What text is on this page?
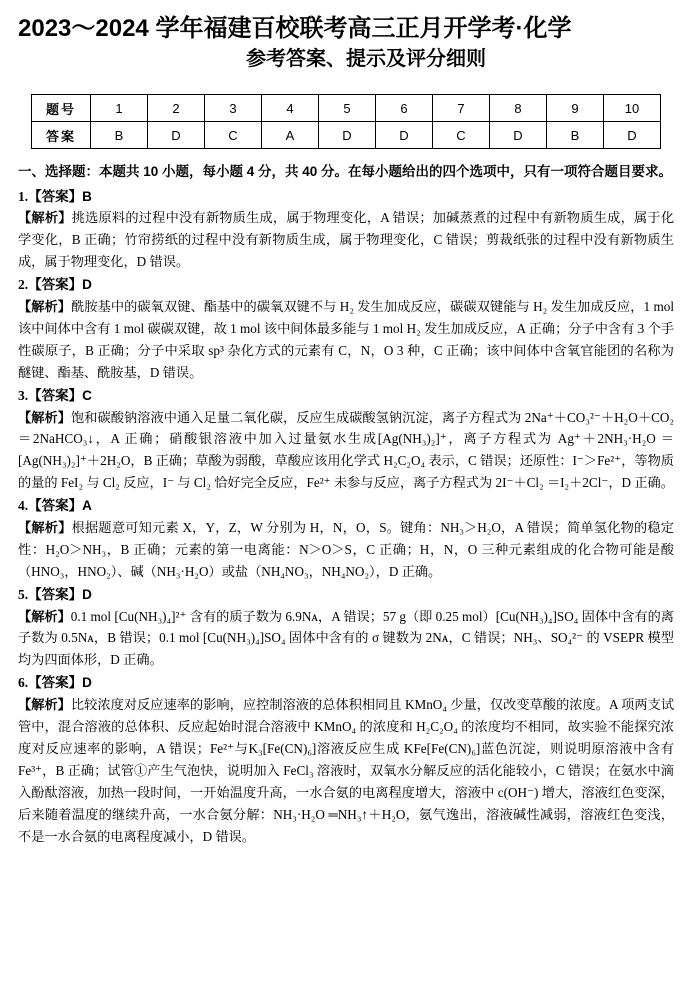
2023～2024 学年福建百校联考高三正月开学考·化学
参考答案、提示及评分细则
题号	1	2	3	4	5	6	7	8	9	10
答案	B	D	C	A	D	D	C	D	B	D
一、选择题：本题共 10 小题，每小题 4 分，共 40 分。在每小题给出的四个选项中，只有一项符合题目要求。
1.【答案】B
【解析】挑选原料的过程中没有新物质生成，属于物理变化，A 错误；加碱蒸煮的过程中有新物质生成，属于化学变化，B 正确；竹帘捞纸的过程中没有新物质生成，属于物理变化，C 错误；剪裁纸张的过程中没有新物质生成，属于物理变化，D 错误。
2.【答案】D
【解析】酰胺基中的碳氧双键、酯基中的碳氧双键不与 H₂ 发生加成反应，碳碳双键能与 H₂ 发生加成反应，1 mol 该中间体中含有 1 mol 碳碳双键，故 1 mol 该中间体最多能与 1 mol H₂ 发生加成反应，A 正确；分子中含有 3 个手性碳原子，B 正确；分子中采取 sp³ 杂化方式的元素有 C，N，O 3 种，C 正确；该中间体中含氧官能团的名称为醚键、酯基、酰胺基，D 错误。
3.【答案】C
【解析】饱和碳酸钠溶液中通入足量二氧化碳，反应生成碳酸氢钠沉淀，离子方程式为 2Na⁺＋CO₃²⁻＋H₂O＋CO₂ ＝2NaHCO₃↓，A 正确；硝酸银溶液中加入过量氨水生成[Ag(NH₃)₂]⁺，离子方程式为 Ag⁺＋2NH₃·H₂O ＝[Ag(NH₃)₂]⁺＋2H₂O，B 正确；草酸为弱酸，草酸应该用化学式 H₂C₂O₄ 表示，C 错误；还原性：I⁻＞Fe²⁺，等物质的量的 FeI₂ 与 Cl₂ 反应，I⁻ 与 Cl₂ 恰好完全反应，Fe²⁺ 未参与反应，离子方程式为 2I⁻＋Cl₂ ＝I₂＋2Cl⁻，D 正确。
4.【答案】A
【解析】根据题意可知元素 X，Y，Z，W 分别为 H，N，O，S。键角：NH₃＞H₂O，A 错误；简单氢化物的稳定性：H₂O＞NH₃，B 正确；元素的第一电离能：N＞O＞S，C 正确；H，N，O 三种元素组成的化合物可能是酸（HNO₃，HNO₂）、碱（NH₃·H₂O）或盐（NH₄NO₃，NH₄NO₂），D 正确。
5.【答案】D
【解析】0.1 mol [Cu(NH₃)₄]²⁺ 含有的质子数为 6.9Nᴀ，A 错误；57 g（即 0.25 mol）[Cu(NH₃)₄]SO₄ 固体中含有的离子数为 0.5Nᴀ，B 错误；0.1 mol [Cu(NH₃)₄]SO₄ 固体中含有的 σ 键数为 2Nᴀ，C 错误；NH₃、SO₄²⁻ 的 VSEPR 模型均为四面体形，D 正确。
6.【答案】D
【解析】比较浓度对反应速率的影响，应控制溶液的总体积相同且 KMnO₄ 少量，仅改变草酸的浓度。A 项两支试管中，混合溶液的总体积、反应起始时混合溶液中 KMnO₄ 的浓度和 H₂C₂O₄ 的浓度均不相同，故实验不能探究浓度对反应速率的影响，A 错误；Fe²⁺与K₃[Fe(CN)₆]溶液反应生成 KFe[Fe(CN)₆]蓝色沉淀，则说明原溶液中含有 Fe³⁺，B 正确；试管①产生气泡快，说明加入 FeCl₃ 溶液时，双氧水分解反应的活化能较小，C 错误；在氨水中滴入酚酞溶液，加热一段时间，一开始温度升高，一水合氨的电离程度增大，溶液中 c(OH⁻) 增大，溶液红色变深，后来随着温度的继续升高，一水合氨分解：NH₃·H₂O ═NH₃↑＋H₂O，氨气逸出，溶液碱性减弱，溶液红色变浅，不是一水合氨的电离程度减小，D 错误。
